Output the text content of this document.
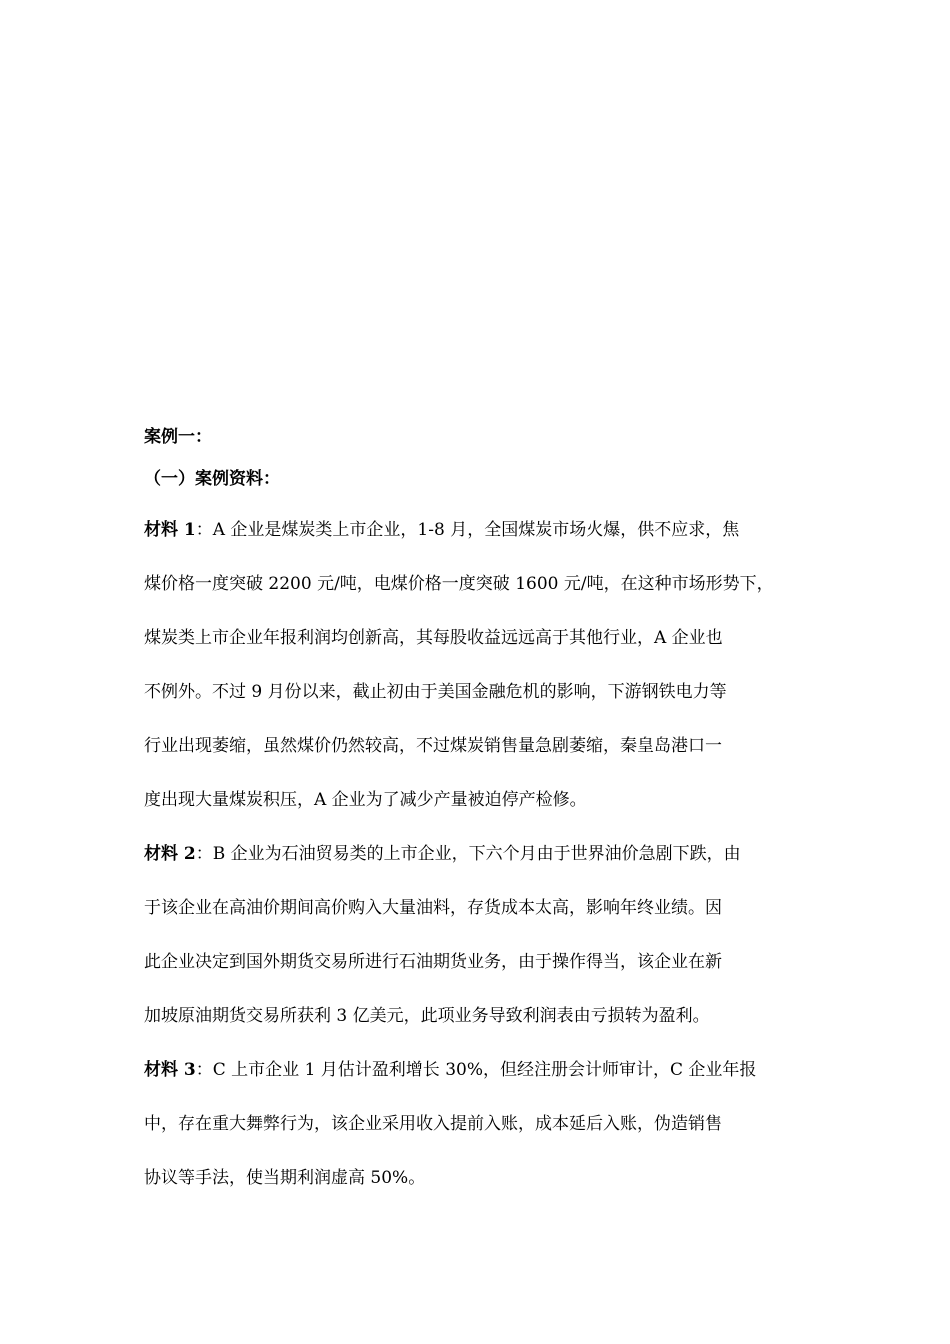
案例一：
（一）案例资料：
材料 1：A 企业是煤炭类上市企业，1-8 月，全国煤炭市场火爆，供不应求，焦
煤价格一度突破 2200 元/吨，电煤价格一度突破 1600 元/吨，在这种市场形势下，
煤炭类上市企业年报利润均创新高，其每股收益远远高于其他行业，A 企业也
不例外。不过 9 月份以来，截止初由于美国金融危机的影响，下游钢铁电力等
行业出现萎缩，虽然煤价仍然较高，不过煤炭销售量急剧萎缩，秦皇岛港口一
度出现大量煤炭积压，A 企业为了减少产量被迫停产检修。
材料 2：B 企业为石油贸易类的上市企业，下六个月由于世界油价急剧下跌，由
于该企业在高油价期间高价购入大量油料，存货成本太高，影响年终业绩。因
此企业决定到国外期货交易所进行石油期货业务，由于操作得当，该企业在新
加坡原油期货交易所获利 3 亿美元，此项业务导致利润表由亏损转为盈利。
材料 3：C 上市企业 1 月估计盈利增长 30%，但经注册会计师审计，C 企业年报
中，存在重大舞弊行为，该企业采用收入提前入账，成本延后入账，伪造销售
协议等手法，使当期利润虚高 50%。
